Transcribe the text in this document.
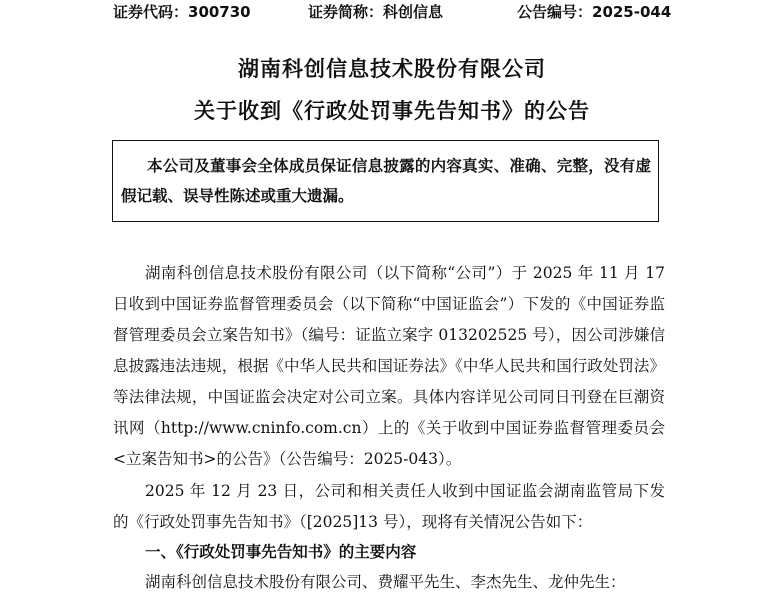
证券代码：300730	证券简称：科创信息	公告编号：2025-044
湖南科创信息技术股份有限公司
关于收到《行政处罚事先告知书》的公告
本公司及董事会全体成员保证信息披露的内容真实、准确、完整，没有虚假记载、误导性陈述或重大遗漏。
湖南科创信息技术股份有限公司（以下简称“公司”）于 2025 年 11 月 17 日收到中国证券监督管理委员会（以下简称“中国证监会”）下发的《中国证券监督管理委员会立案告知书》（编号：证监立案字 013202525 号），因公司涉嫌信息披露违法违规，根据《中华人民共和国证券法》《中华人民共和国行政处罚法》等法律法规，中国证监会决定对公司立案。具体内容详见公司同日刊登在巨潮资讯网（http://www.cninfo.com.cn）上的《关于收到中国证券监督管理委员会<立案告知书>的公告》（公告编号：2025-043）。
2025 年 12 月 23 日，公司和相关责任人收到中国证监会湖南监管局下发的《行政处罚事先告知书》（[2025]13 号），现将有关情况公告如下：
一、《行政处罚事先告知书》的主要内容
湖南科创信息技术股份有限公司、费耀平先生、李杰先生、龙仲先生：
